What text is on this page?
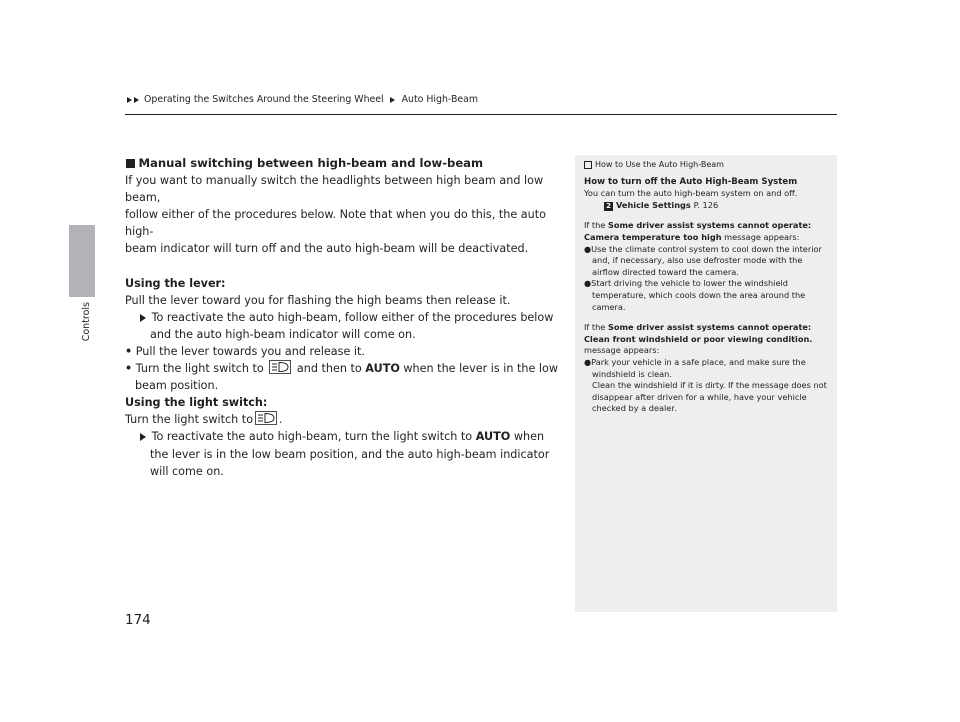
Operating the Switches Around the Steering Wheel Auto High-Beam
Controls

Manual switching between high-beam and low-beam

If you want to manually switch the headlights between high beam and low beam,

follow either of the procedures below. Note that when you do this, the auto high-

beam indicator will turn off and the auto high-beam will be deactivated.

Using the lever:

Pull the lever toward you for flashing the high beams then release it.

To reactivate the auto high-beam, follow either of the procedures below and the auto high-beam indicator will come on.

• Pull the lever towards you and release it.

• Turn the light switch to	and then to AUTO when the lever is in the low beam position.

Using the light switch:

Turn the light switch to .

To reactivate the auto high-beam, turn the light switch to AUTO when the lever is in the low beam position, and the auto high-beam indicator will come on.

How to Use the Auto High-Beam

How to turn off the Auto High-Beam System

You can turn the auto high-beam system on and off.

2 Vehicle Settings P. 126

If the Some driver assist systems cannot operate: Camera temperature too high message appears:

●Use the climate control system to cool down the interior and, if necessary, also use defroster mode with the airflow directed toward the camera.

●Start driving the vehicle to lower the windshield temperature, which cools down the area around the camera.

If the Some driver assist systems cannot operate: Clean front windshield or poor viewing condition. message appears:

●Park your vehicle in a safe place, and make sure the windshield is clean.

Clean the windshield if it is dirty. If the message does not disappear after driven for a while, have your vehicle checked by a dealer.

174
